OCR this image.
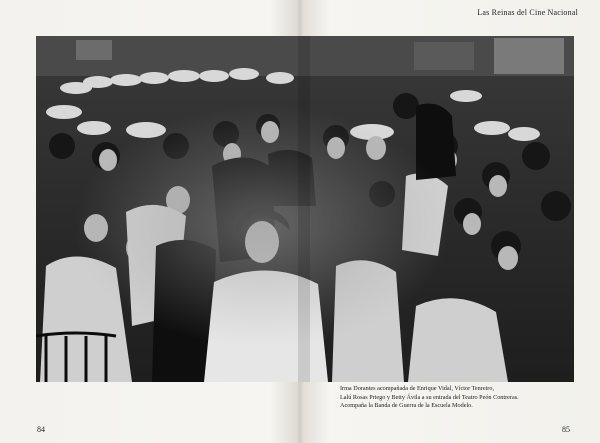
Las Reinas del Cine Nacional
Irma Dorantes acompañada de Enrique Vidal, Víctor Tenreiro,
Lalú Rosas Priego y Betty Ávila a su entrada del Teatro Peón Contreras.
Acompaña la Banda de Guerra de la Escuela Modelo.
84	85
